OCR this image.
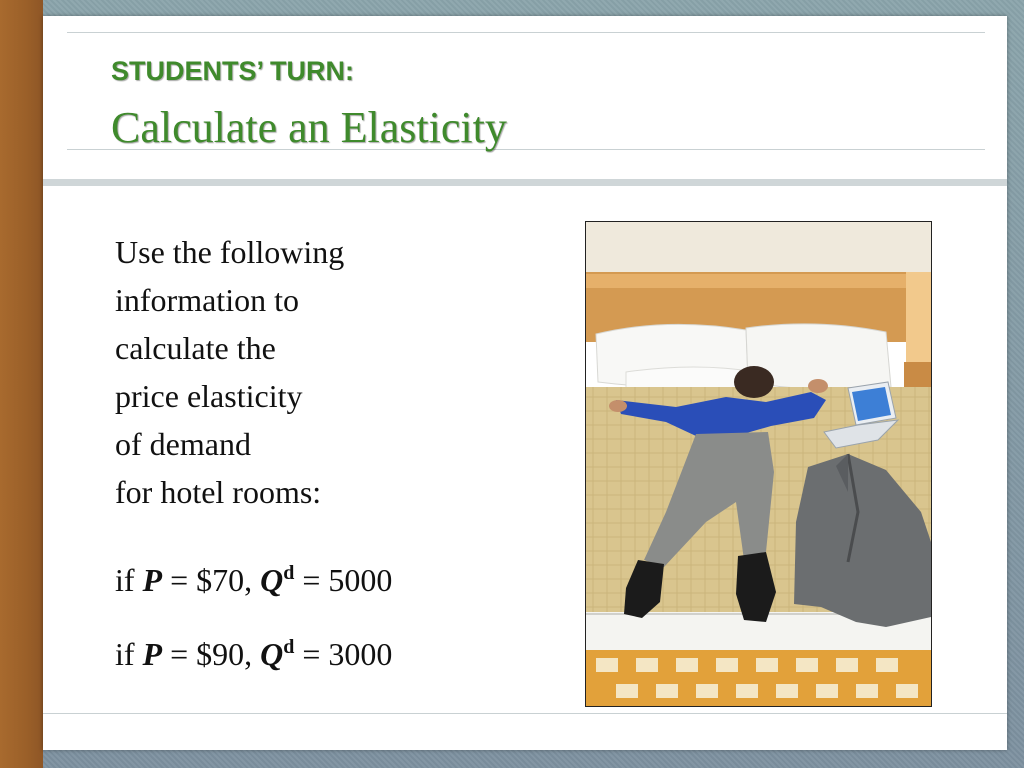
STUDENTS’ TURN:
Calculate an Elasticity
Use the following
information to
calculate the
price elasticity
of demand
for hotel rooms:
if P = $70, $Q^d = 5000$
if P = $90, $Q^d = 3000$
